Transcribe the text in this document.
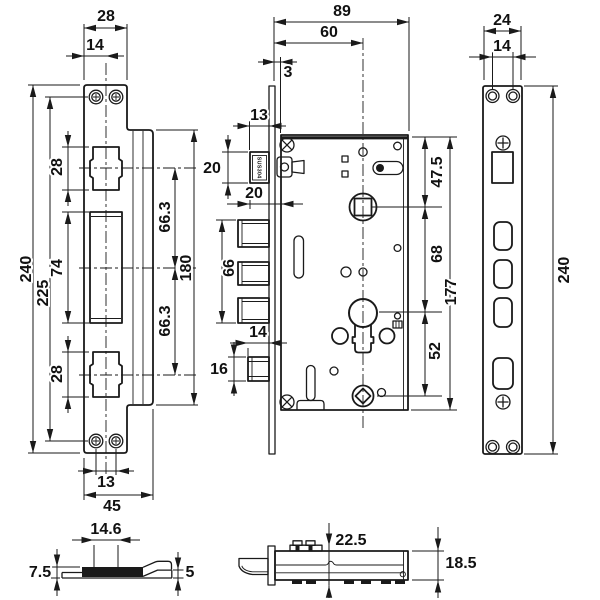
28
14
240
225
28
74
28
66.3
180
66.3
13
45
SUS304
89
60
3
13
20
20
66
14
16
47.5
68
177
52
24
14
240
14.6
7.5	5
22.5
18.5
